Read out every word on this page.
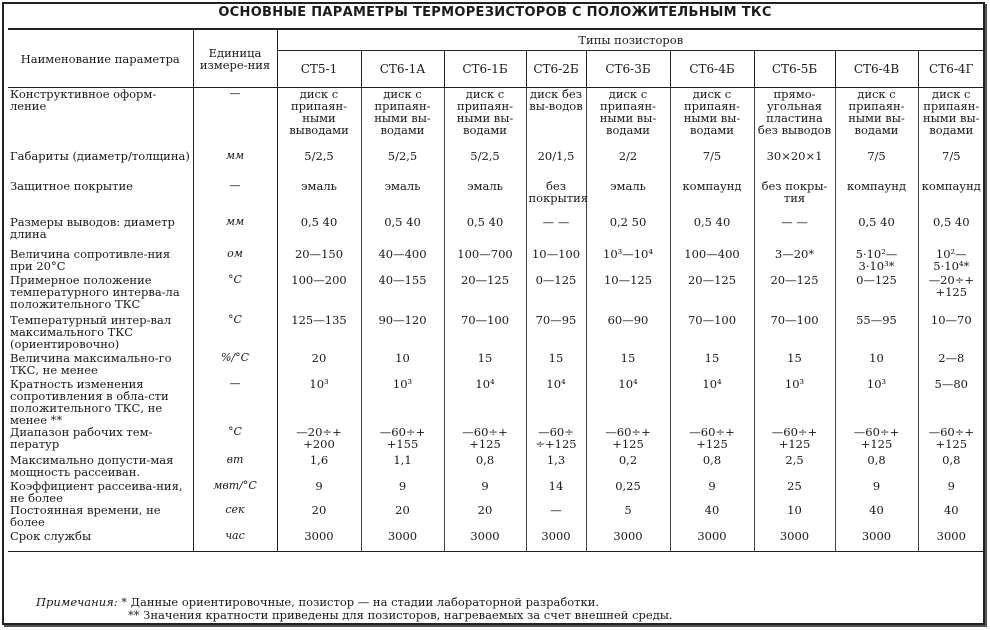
ОСНОВНЫЕ ПАРАМЕТРЫ ТЕРМОРЕЗИСТОРОВ С ПОЛОЖИТЕЛЬНЫМ ТКС
Наименование параметра	Единица измере-ния	Типы позисторов								
		СТ5-1	СТ6-1А	СТ6-1Б	СТ6-2Б	СТ6-3Б	СТ6-4Б	СТ6-5Б	СТ6-4В	СТ6-4Г
Конструктивное оформ-ление	—	диск с припаян-ными выводами	диск с припаян-ными вы-водами	диск с припаян-ными вы-водами	диск без вы-водов	диск с припаян-ными вы-водами	диск с припаян-ными вы-водами	прямо-угольная пластина без выводов	диск с припаян-ными вы-водами	диск с припаян-ными вы-водами
Габариты (диаметр/толщина)	мм	5/2,5	5/2,5	5/2,5	20/1,5	2/2	7/5	30×20×1	7/5	7/5
Защитное покрытие	—	эмаль	эмаль	эмаль	без покрытия	эмаль	компаунд	без покры-тия	компаунд	компаунд
Размеры выводов: диаметр длина	мм	0,5 40	0,5 40	0,5 40	— —	0,2 50	0,5 40	— —	0,5 40	0,5 40
Величина сопротивле-ния при 20°С	ом	20—150	40—400	100—700	10—100	10³—10⁴	100—400	3—20*	5·10²— 3·10³*	10²— 5·10⁴*
Примерное положение температурного интерва-ла положительного ТКС	°С	100—200	40—155	20—125	0—125	10—125	20—125	20—125	0—125	—20÷+ +125
Температурный интер-вал максимального ТКС (ориентировочно)	°С	125—135	90—120	70—100	70—95	60—90	70—100	70—100	55—95	10—70
Величина максимально-го ТКС, не менее	%/°С	20	10	15	15	15	15	15	10	2—8
Кратность изменения сопротивления в обла-сти положительного ТКС, не менее **	—	10³	10³	10⁴	10⁴	10⁴	10⁴	10³	10³	5—80
Диапазон рабочих тем-ператур	°С	—20÷+ +200	—60÷+ +155	—60÷+ +125	—60÷ ÷+125	—60÷+ +125	—60÷+ +125	—60÷+ +125	—60÷+ +125	—60÷+ +125
Максимально допусти-мая мощность рассеиван.	вт	1,6	1,1	0,8	1,3	0,2	0,8	2,5	0,8	0,8
Коэффициент рассеива-ния, не более	мвт/°С	9	9	9	14	0,25	9	25	9	9
Постоянная времени, не более	сек	20	20	20	—	5	40	10	40	40
Срок службы	час	3000	3000	3000	3000	3000	3000	3000	3000	3000
Примечания: * Данные ориентировочные, позистор — на стадии лабораторной разработки.
** Значения кратности приведены для позисторов, нагреваемых за счет внешней среды.
